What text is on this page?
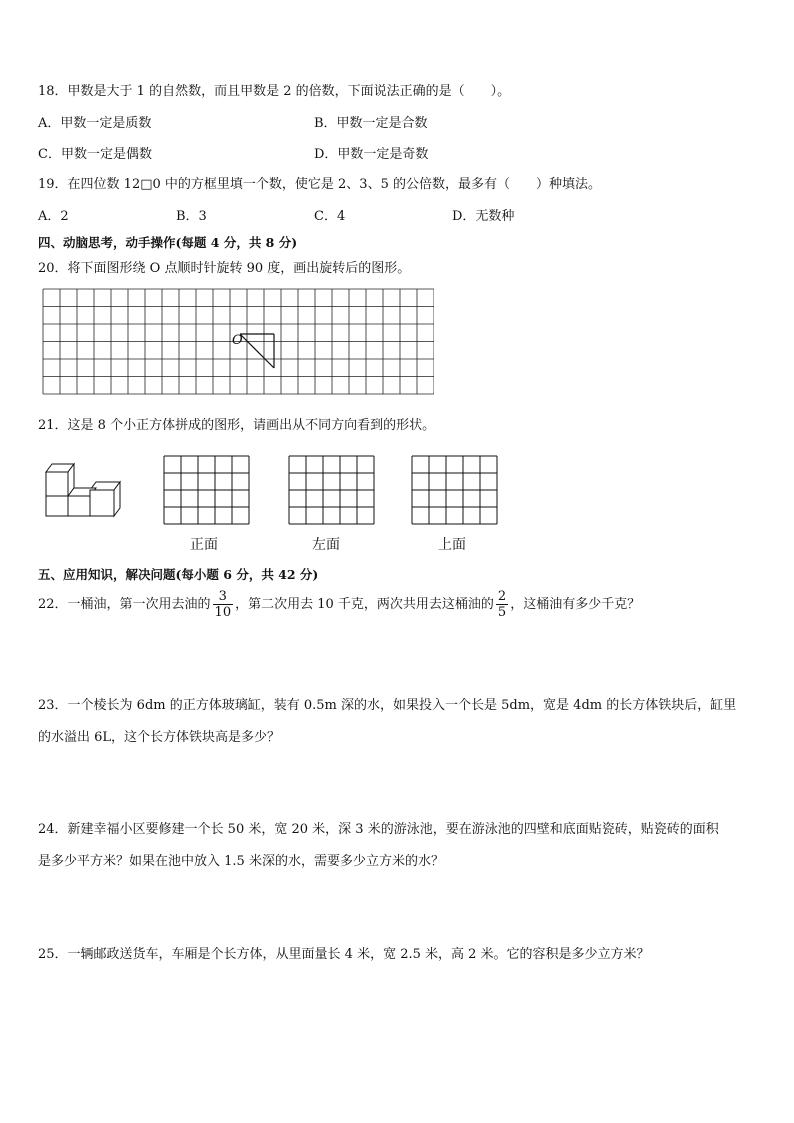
18．甲数是大于 1 的自然数，而且甲数是 2 的倍数，下面说法正确的是（　　）。
A．甲数一定是质数	B．甲数一定是合数
C．甲数一定是偶数	D．甲数一定是奇数
19．在四位数 12□0 中的方框里填一个数，使它是 2、3、5 的公倍数，最多有（　　）种填法。
A．2	B．3	C．4	D．无数种
四、动脑思考，动手操作(每题 4 分，共 8 分)
20．将下面图形绕 O 点顺时针旋转 90 度，画出旋转后的图形。
O
21．这是 8 个小正方体拼成的图形，请画出从不同方向看到的形状。
正面	左面	上面
五、应用知识，解决问题(每小题 6 分，共 42 分)
22．一桶油，第一次用去油的 $\frac{3}{10}$ ，第二次用去 10 千克，两次共用去这桶油的 $\frac{2}{5}$ ，这桶油有多少千克？
23．一个棱长为 6dm 的正方体玻璃缸，装有 0.5m 深的水，如果投入一个长是 5dm，宽是 4dm 的长方体铁块后，缸里
的水溢出 6L，这个长方体铁块高是多少？
24．新建幸福小区要修建一个长 50 米，宽 20 米，深 3 米的游泳池，要在游泳池的四壁和底面贴瓷砖，贴瓷砖的面积
是多少平方米？如果在池中放入 1.5 米深的水，需要多少立方米的水？
25．一辆邮政送货车，车厢是个长方体，从里面量长 4 米，宽 2.5 米，高 2 米。它的容积是多少立方米？
